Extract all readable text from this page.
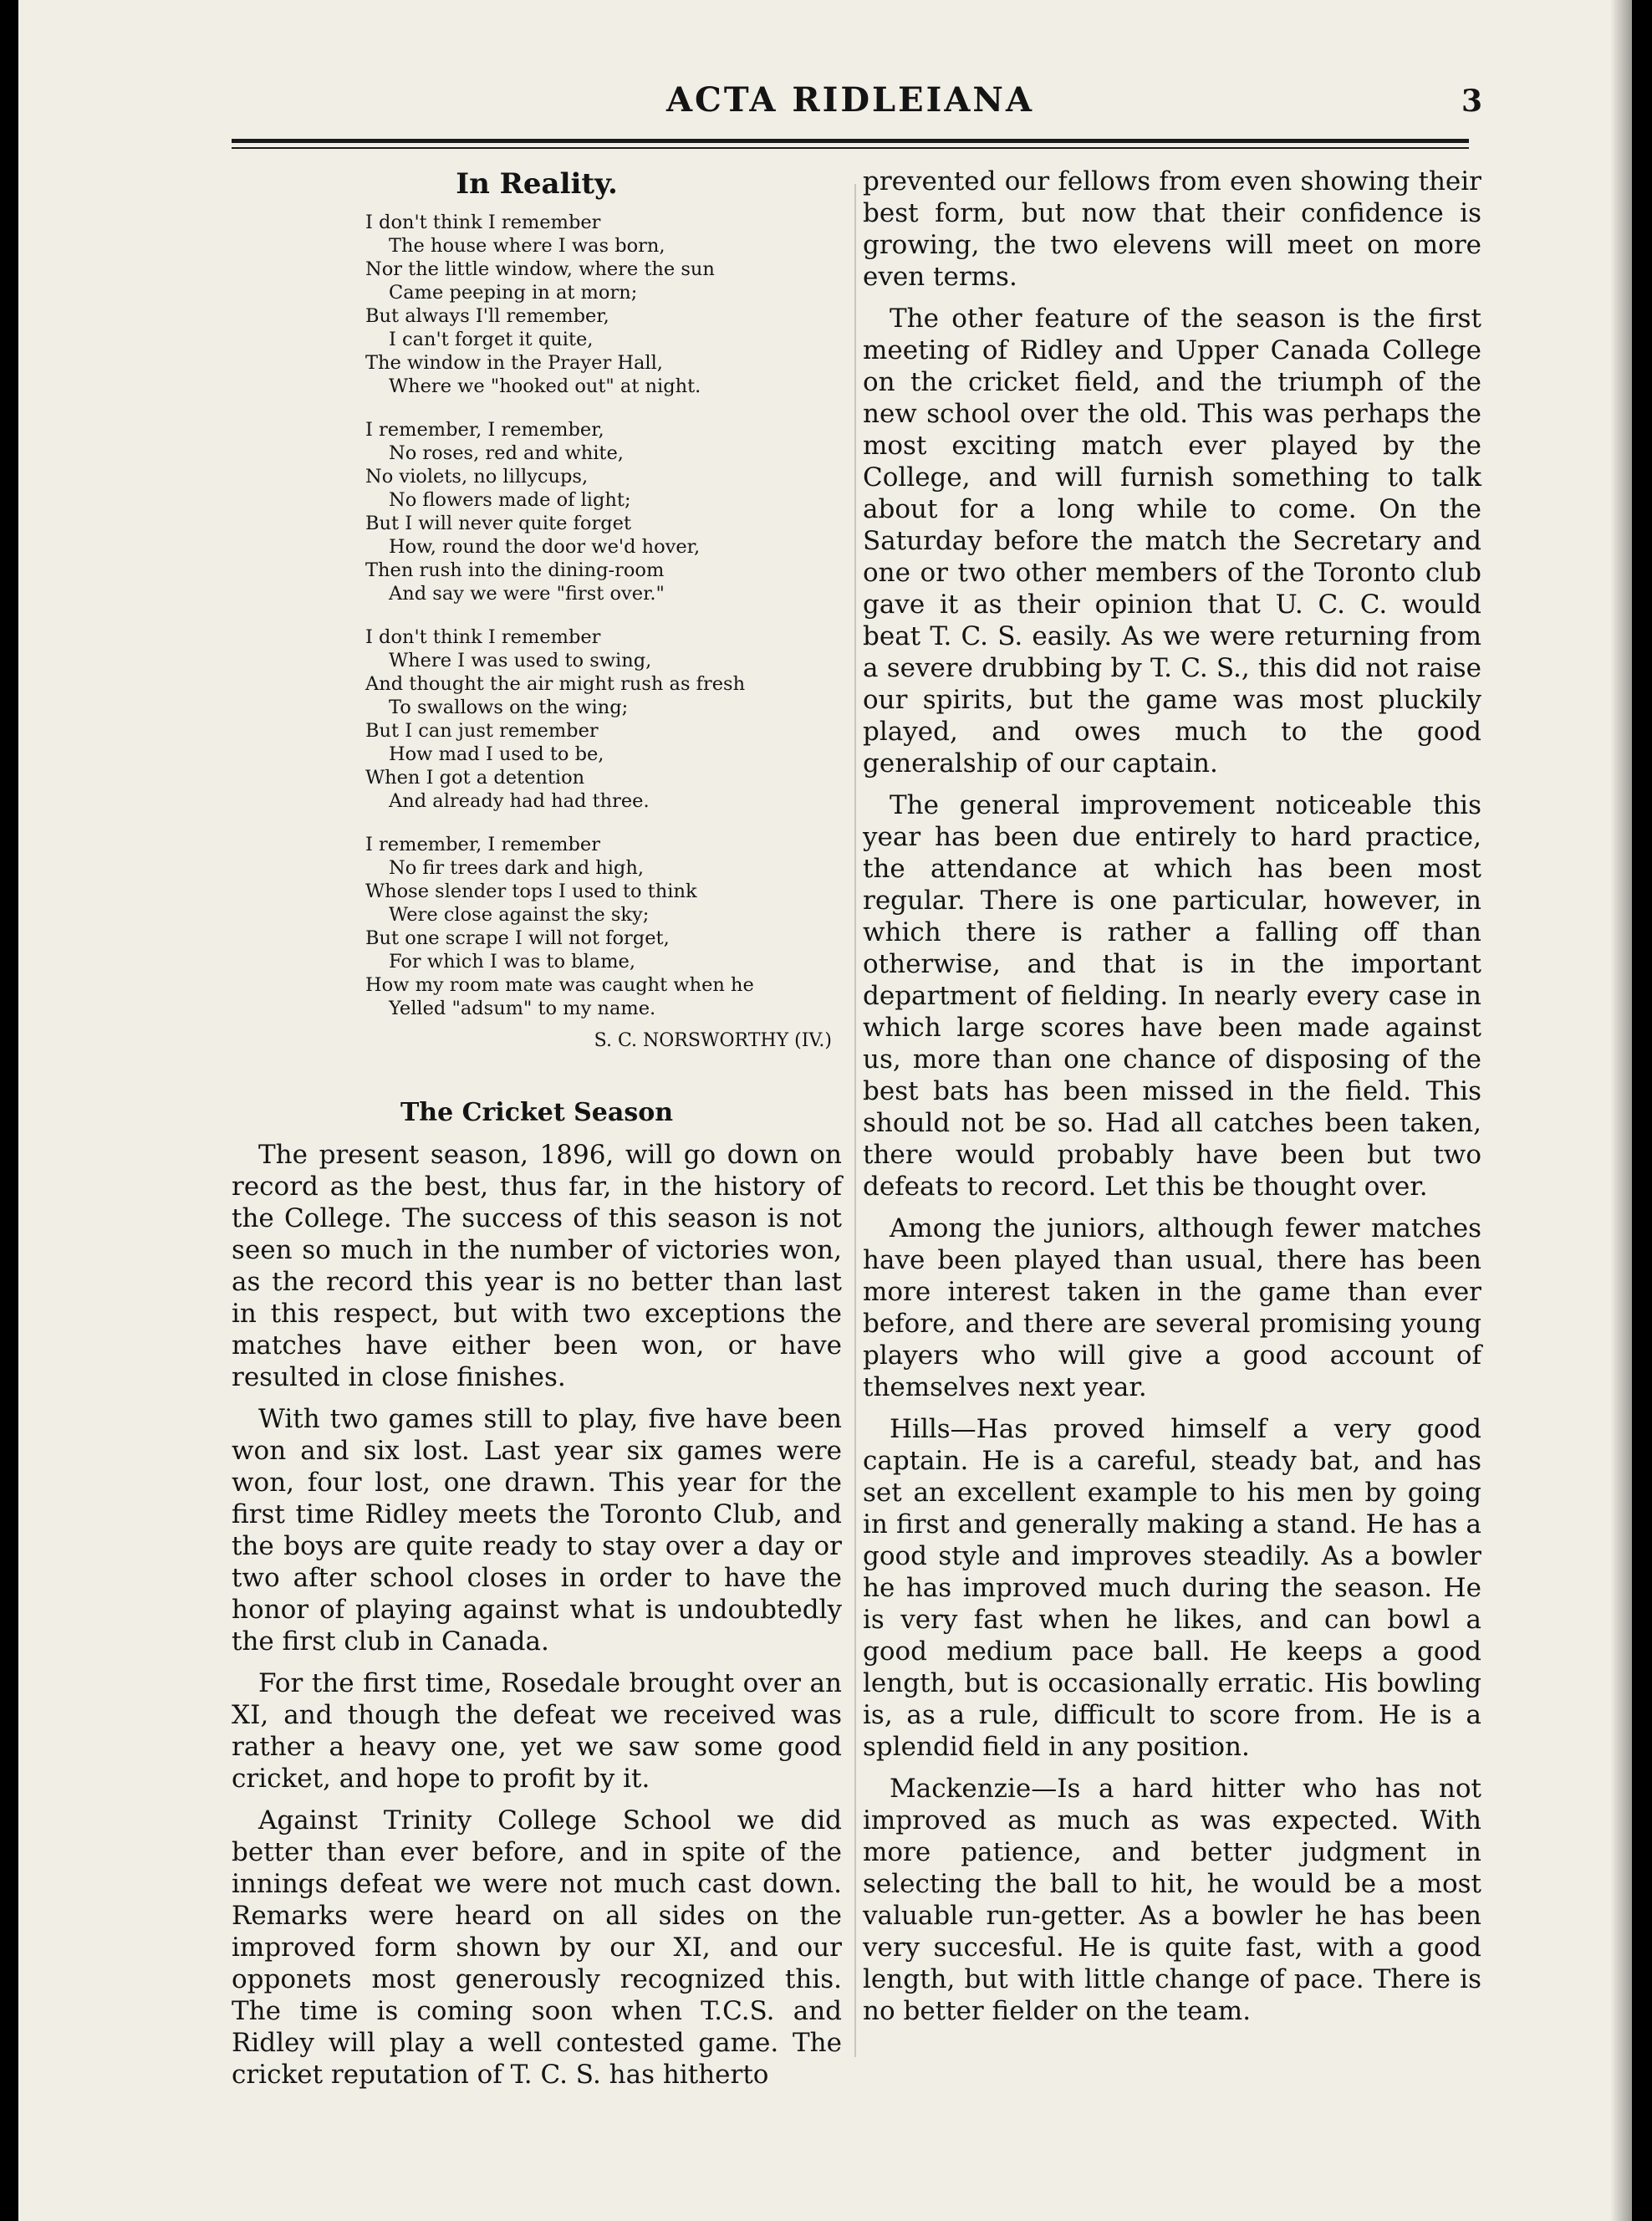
ACTA RIDLEIANA	3
In Reality.
I don't think I remember
The house where I was born,
Nor the little window, where the sun
Came peeping in at morn;
But always I'll remember,
I can't forget it quite,
The window in the Prayer Hall,
Where we "hooked out" at night.
I remember, I remember,
No roses, red and white,
No violets, no lillycups,
No flowers made of light;
But I will never quite forget
How, round the door we'd hover,
Then rush into the dining-room
And say we were "first over."
I don't think I remember
Where I was used to swing,
And thought the air might rush as fresh
To swallows on the wing;
But I can just remember
How mad I used to be,
When I got a detention
And already had had three.
I remember, I remember
No fir trees dark and high,
Whose slender tops I used to think
Were close against the sky;
But one scrape I will not forget,
For which I was to blame,
How my room mate was caught when he
Yelled "adsum" to my name.
S. C. NORSWORTHY (IV.)
The Cricket Season

The present season, 1896, will go down on record as the best, thus far, in the history of the College. The success of this season is not seen so much in the number of victories won, as the record this year is no better than last in this respect, but with two exceptions the matches have either been won, or have resulted in close finishes.

With two games still to play, five have been won and six lost. Last year six games were won, four lost, one drawn. This year for the first time Ridley meets the Toronto Club, and the boys are quite ready to stay over a day or two after school closes in order to have the honor of playing against what is undoubtedly the first club in Canada.

For the first time, Rosedale brought over an XI, and though the defeat we received was rather a heavy one, yet we saw some good cricket, and hope to profit by it.

Against Trinity College School we did better than ever before, and in spite of the innings defeat we were not much cast down. Remarks were heard on all sides on the improved form shown by our XI, and our opponets most generously recognized this. The time is coming soon when T.C.S. and Ridley will play a well contested game. The cricket reputation of T. C. S. has hitherto

prevented our fellows from even showing their best form, but now that their confidence is growing, the two elevens will meet on more even terms.

The other feature of the season is the first meeting of Ridley and Upper Canada College on the cricket field, and the triumph of the new school over the old. This was perhaps the most exciting match ever played by the College, and will furnish something to talk about for a long while to come. On the Saturday before the match the Secretary and one or two other members of the Toronto club gave it as their opinion that U. C. C. would beat T. C. S. easily. As we were returning from a severe drubbing by T. C. S., this did not raise our spirits, but the game was most pluckily played, and owes much to the good generalship of our captain.

The general improvement noticeable this year has been due entirely to hard practice, the attendance at which has been most regular. There is one particular, however, in which there is rather a falling off than otherwise, and that is in the important department of fielding. In nearly every case in which large scores have been made against us, more than one chance of disposing of the best bats has been missed in the field. This should not be so. Had all catches been taken, there would probably have been but two defeats to record. Let this be thought over.

Among the juniors, although fewer matches have been played than usual, there has been more interest taken in the game than ever before, and there are several promising young players who will give a good account of themselves next year.

Hills—Has proved himself a very good captain. He is a careful, steady bat, and has set an excellent example to his men by going in first and generally making a stand. He has a good style and improves steadily. As a bowler he has improved much during the season. He is very fast when he likes, and can bowl a good medium pace ball. He keeps a good length, but is occasionally erratic. His bowling is, as a rule, difficult to score from. He is a splendid field in any position.

Mackenzie—Is a hard hitter who has not improved as much as was expected. With more patience, and better judgment in selecting the ball to hit, he would be a most valuable run-getter. As a bowler he has been very succesful. He is quite fast, with a good length, but with little change of pace. There is no better fielder on the team.
